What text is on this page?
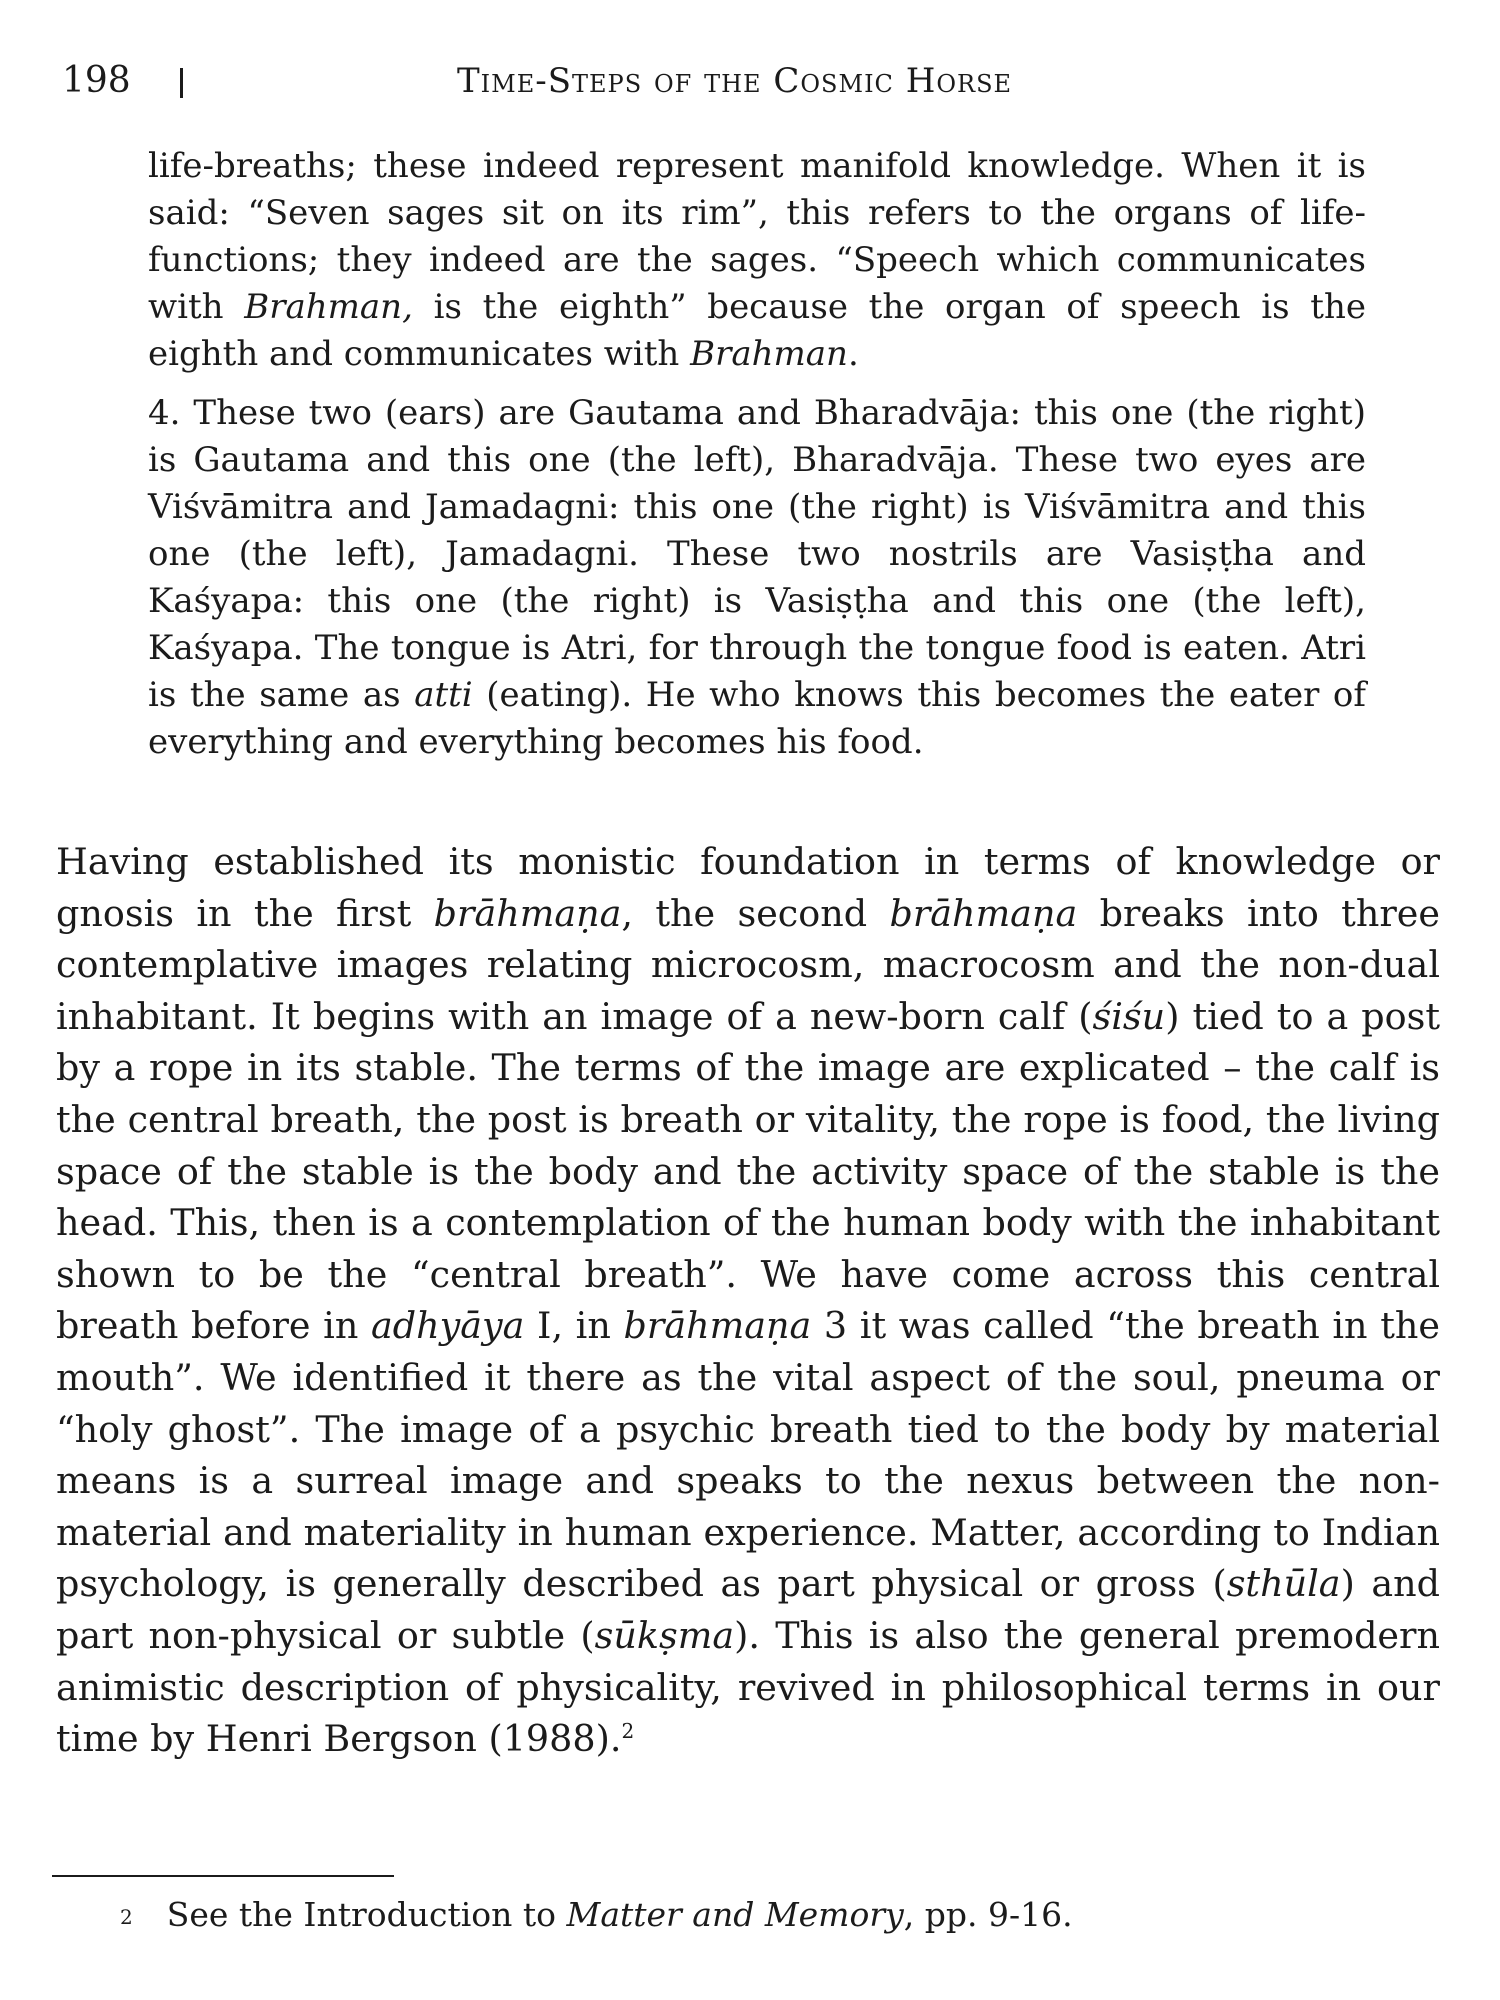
198	Time-Steps of the Cosmic Horse

life-breaths; these indeed represent manifold knowledge. When it is said: “Seven sages sit on its rim”, this refers to the organs of life-functions; they indeed are the sages. “Speech which communicates with Brahman, is the eighth” because the organ of speech is the eighth and communicates with Brahman.

4. These two (ears) are Gautama and Bharadvāja: this one (the right) is Gautama and this one (the left), Bharadvāja. These two eyes are Viśvāmitra and Jamadagni: this one (the right) is Viśvāmitra and this one (the left), Jamadagni. These two nostrils are Vasiṣṭha and Kaśyapa: this one (the right) is Vasiṣṭha and this one (the left), Kaśyapa. The tongue is Atri, for through the tongue food is eaten. Atri is the same as atti (eating). He who knows this becomes the eater of everything and everything becomes his food.

Having established its monistic foundation in terms of knowledge or gnosis in the first brāhmaṇa, the second brāhmaṇa breaks into three contemplative images relating microcosm, macrocosm and the non-dual inhabitant. It begins with an image of a new-born calf (śiśu) tied to a post by a rope in its stable. The terms of the image are explicated – the calf is the central breath, the post is breath or vitality, the rope is food, the living space of the stable is the body and the activity space of the stable is the head. This, then is a contemplation of the human body with the inhabitant shown to be the “central breath”. We have come across this central breath before in adhyāya I, in brāhmaṇa 3 it was called “the breath in the mouth”. We identified it there as the vital aspect of the soul, pneuma or “holy ghost”. The image of a psychic breath tied to the body by material means is a surreal image and speaks to the nexus between the non-material and materiality in human experience. Matter, according to Indian psychology, is generally described as part physical or gross (sthūla) and part non-physical or subtle (sūkṣma). This is also the general premodern animistic description of physicality, revived in philosophical terms in our time by Henri Bergson (1988).$^2$

$^2$ See the Introduction to Matter and Memory, pp. 9-16.
